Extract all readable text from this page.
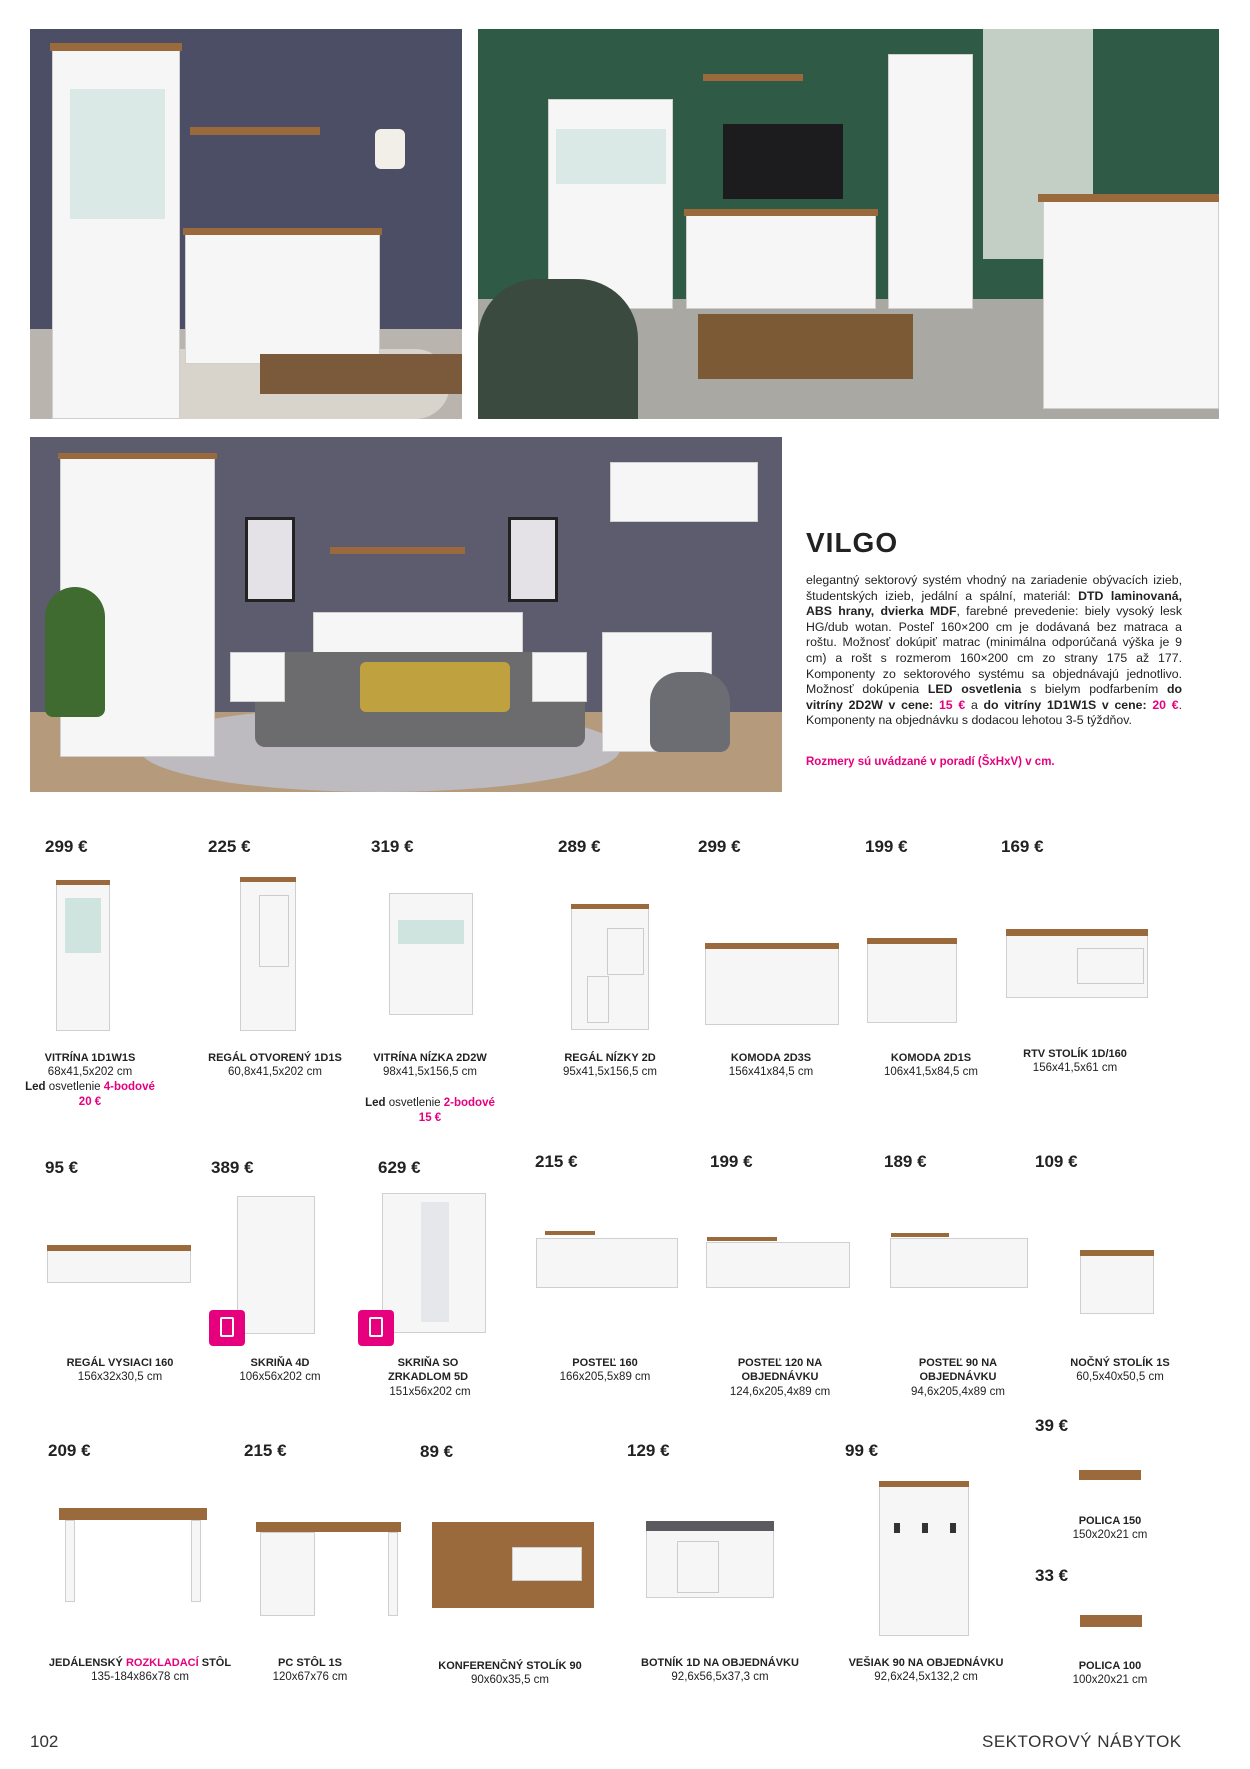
VILGO
elegantný sektorový systém vhodný na zariadenie obývacích izieb, študentských izieb, jedální a spální, materiál: DTD laminovaná, ABS hrany, dvierka MDF, farebné prevedenie: biely vysoký lesk HG/dub wotan. Posteľ 160×200 cm je dodávaná bez matraca a roštu. Možnosť dokúpiť matrac (minimálna odporúčaná výška je 9 cm) a rošt s rozmerom 160×200 cm zo strany 175 až 177. Komponenty zo sektorového systému sa objednávajú jednotlivo. Možnosť dokúpenia LED osvetlenia s bielym podfarbením do vitríny 2D2W v cene: 15 € a do vitríny 1D1W1S v cene: 20 €. Komponenty na objednávku s dodacou lehotou 3-5 týždňov.
Rozmery sú uvádzané v poradí (ŠxHxV) v cm.
299 €	225 €	319 €	289 €	299 €	199 €	169 €
VITRÍNA 1D1W1S
68x41,5x202 cm
Led osvetlenie 4-bodové
20 €
REGÁL OTVORENÝ 1D1S
60,8x41,5x202 cm
VITRÍNA NÍZKA 2D2W
98x41,5x156,5 cm
Led osvetlenie 2-bodové
15 €
REGÁL NÍZKY 2D
95x41,5x156,5 cm
KOMODA 2D3S
156x41x84,5 cm
KOMODA 2D1S
106x41,5x84,5 cm
RTV STOLÍK 1D/160
156x41,5x61 cm
95 €	389 €	629 €	215 €	199 €	189 €	109 €
REGÁL VYSIACI 160
156x32x30,5 cm
SKRIŇA 4D
106x56x202 cm
SKRIŇA SO ZRKADLOM 5D
151x56x202 cm
POSTEĽ 160
166x205,5x89 cm
POSTEĽ 120 NA OBJEDNÁVKU
124,6x205,4x89 cm
POSTEĽ 90 NA OBJEDNÁVKU
94,6x205,4x89 cm
NOČNÝ STOLÍK 1S
60,5x40x50,5 cm
209 €	215 €	89 €	129 €	99 €
39 €
33 €
JEDÁLENSKÝ ROZKLADACÍ STÔL
135-184x86x78 cm
PC STÔL 1S
120x67x76 cm
KONFERENČNÝ STOLÍK 90
90x60x35,5 cm
BOTNÍK 1D NA OBJEDNÁVKU
92,6x56,5x37,3 cm
VEŠIAK 90 NA OBJEDNÁVKU
92,6x24,5x132,2 cm
POLICA 150
150x20x21 cm
POLICA 100
100x20x21 cm
102	SEKTOROVÝ NÁBYTOK
